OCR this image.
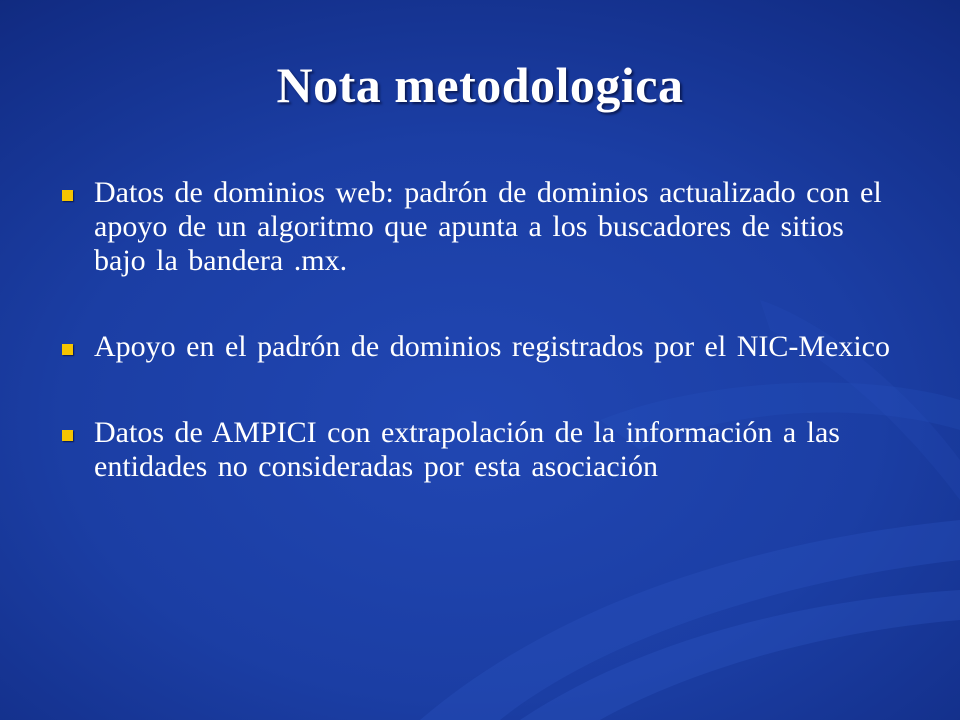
Nota metodologica
Datos de dominios web: padrón de dominios actualizado con el apoyo de un algoritmo que apunta a los buscadores de sitios bajo la bandera .mx.
Apoyo en el padrón de dominios registrados por el NIC-Mexico
Datos de AMPICI con extrapolación de la información a las entidades no consideradas por esta asociación
